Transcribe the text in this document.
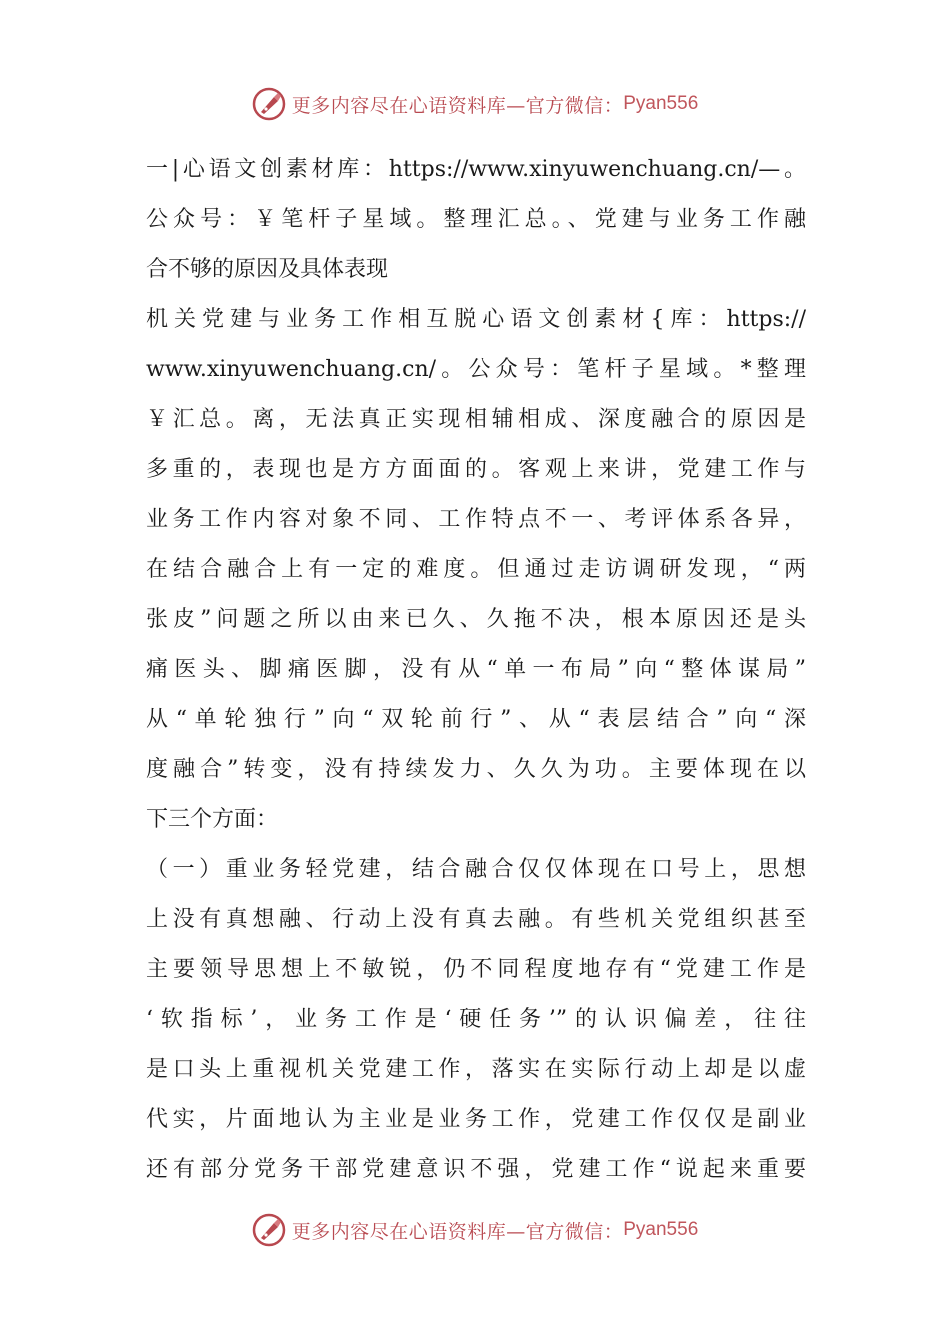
更多内容尽在心语资料库—官方微信： Pyan556
一|心语文创素材库：https://www.xinyuwenchuang.cn/—。
公众号：￥笔杆子星域。整理汇总。、党建与业务工作融
合不够的原因及具体表现
机关党建与业务工作相互脱心语文创素材{库：https://
www.xinyuwenchuang.cn/。公众号：笔杆子星域。*整理
￥汇总。离，无法真正实现相辅相成、深度融合的原因是
多重的，表现也是方方面面的。客观上来讲，党建工作与
业务工作内容对象不同、工作特点不一、考评体系各异，
在结合融合上有一定的难度。但通过走访调研发现，“两
张皮”问题之所以由来已久、久拖不决，根本原因还是头
痛医头、脚痛医脚，没有从“单一布局”向“整体谋局”
从“单轮独行”向“双轮前行”、从“表层结合”向“深
度融合”转变，没有持续发力、久久为功。主要体现在以
下三个方面：
（一）重业务轻党建，结合融合仅仅体现在口号上，思想
上没有真想融、行动上没有真去融。有些机关党组织甚至
主要领导思想上不敏锐，仍不同程度地存有“党建工作是
‘软指标’，业务工作是‘硬任务’”的认识偏差，往往
是口头上重视机关党建工作，落实在实际行动上却是以虚
代实，片面地认为主业是业务工作，党建工作仅仅是副业
还有部分党务干部党建意识不强，党建工作“说起来重要
更多内容尽在心语资料库—官方微信： Pyan556
